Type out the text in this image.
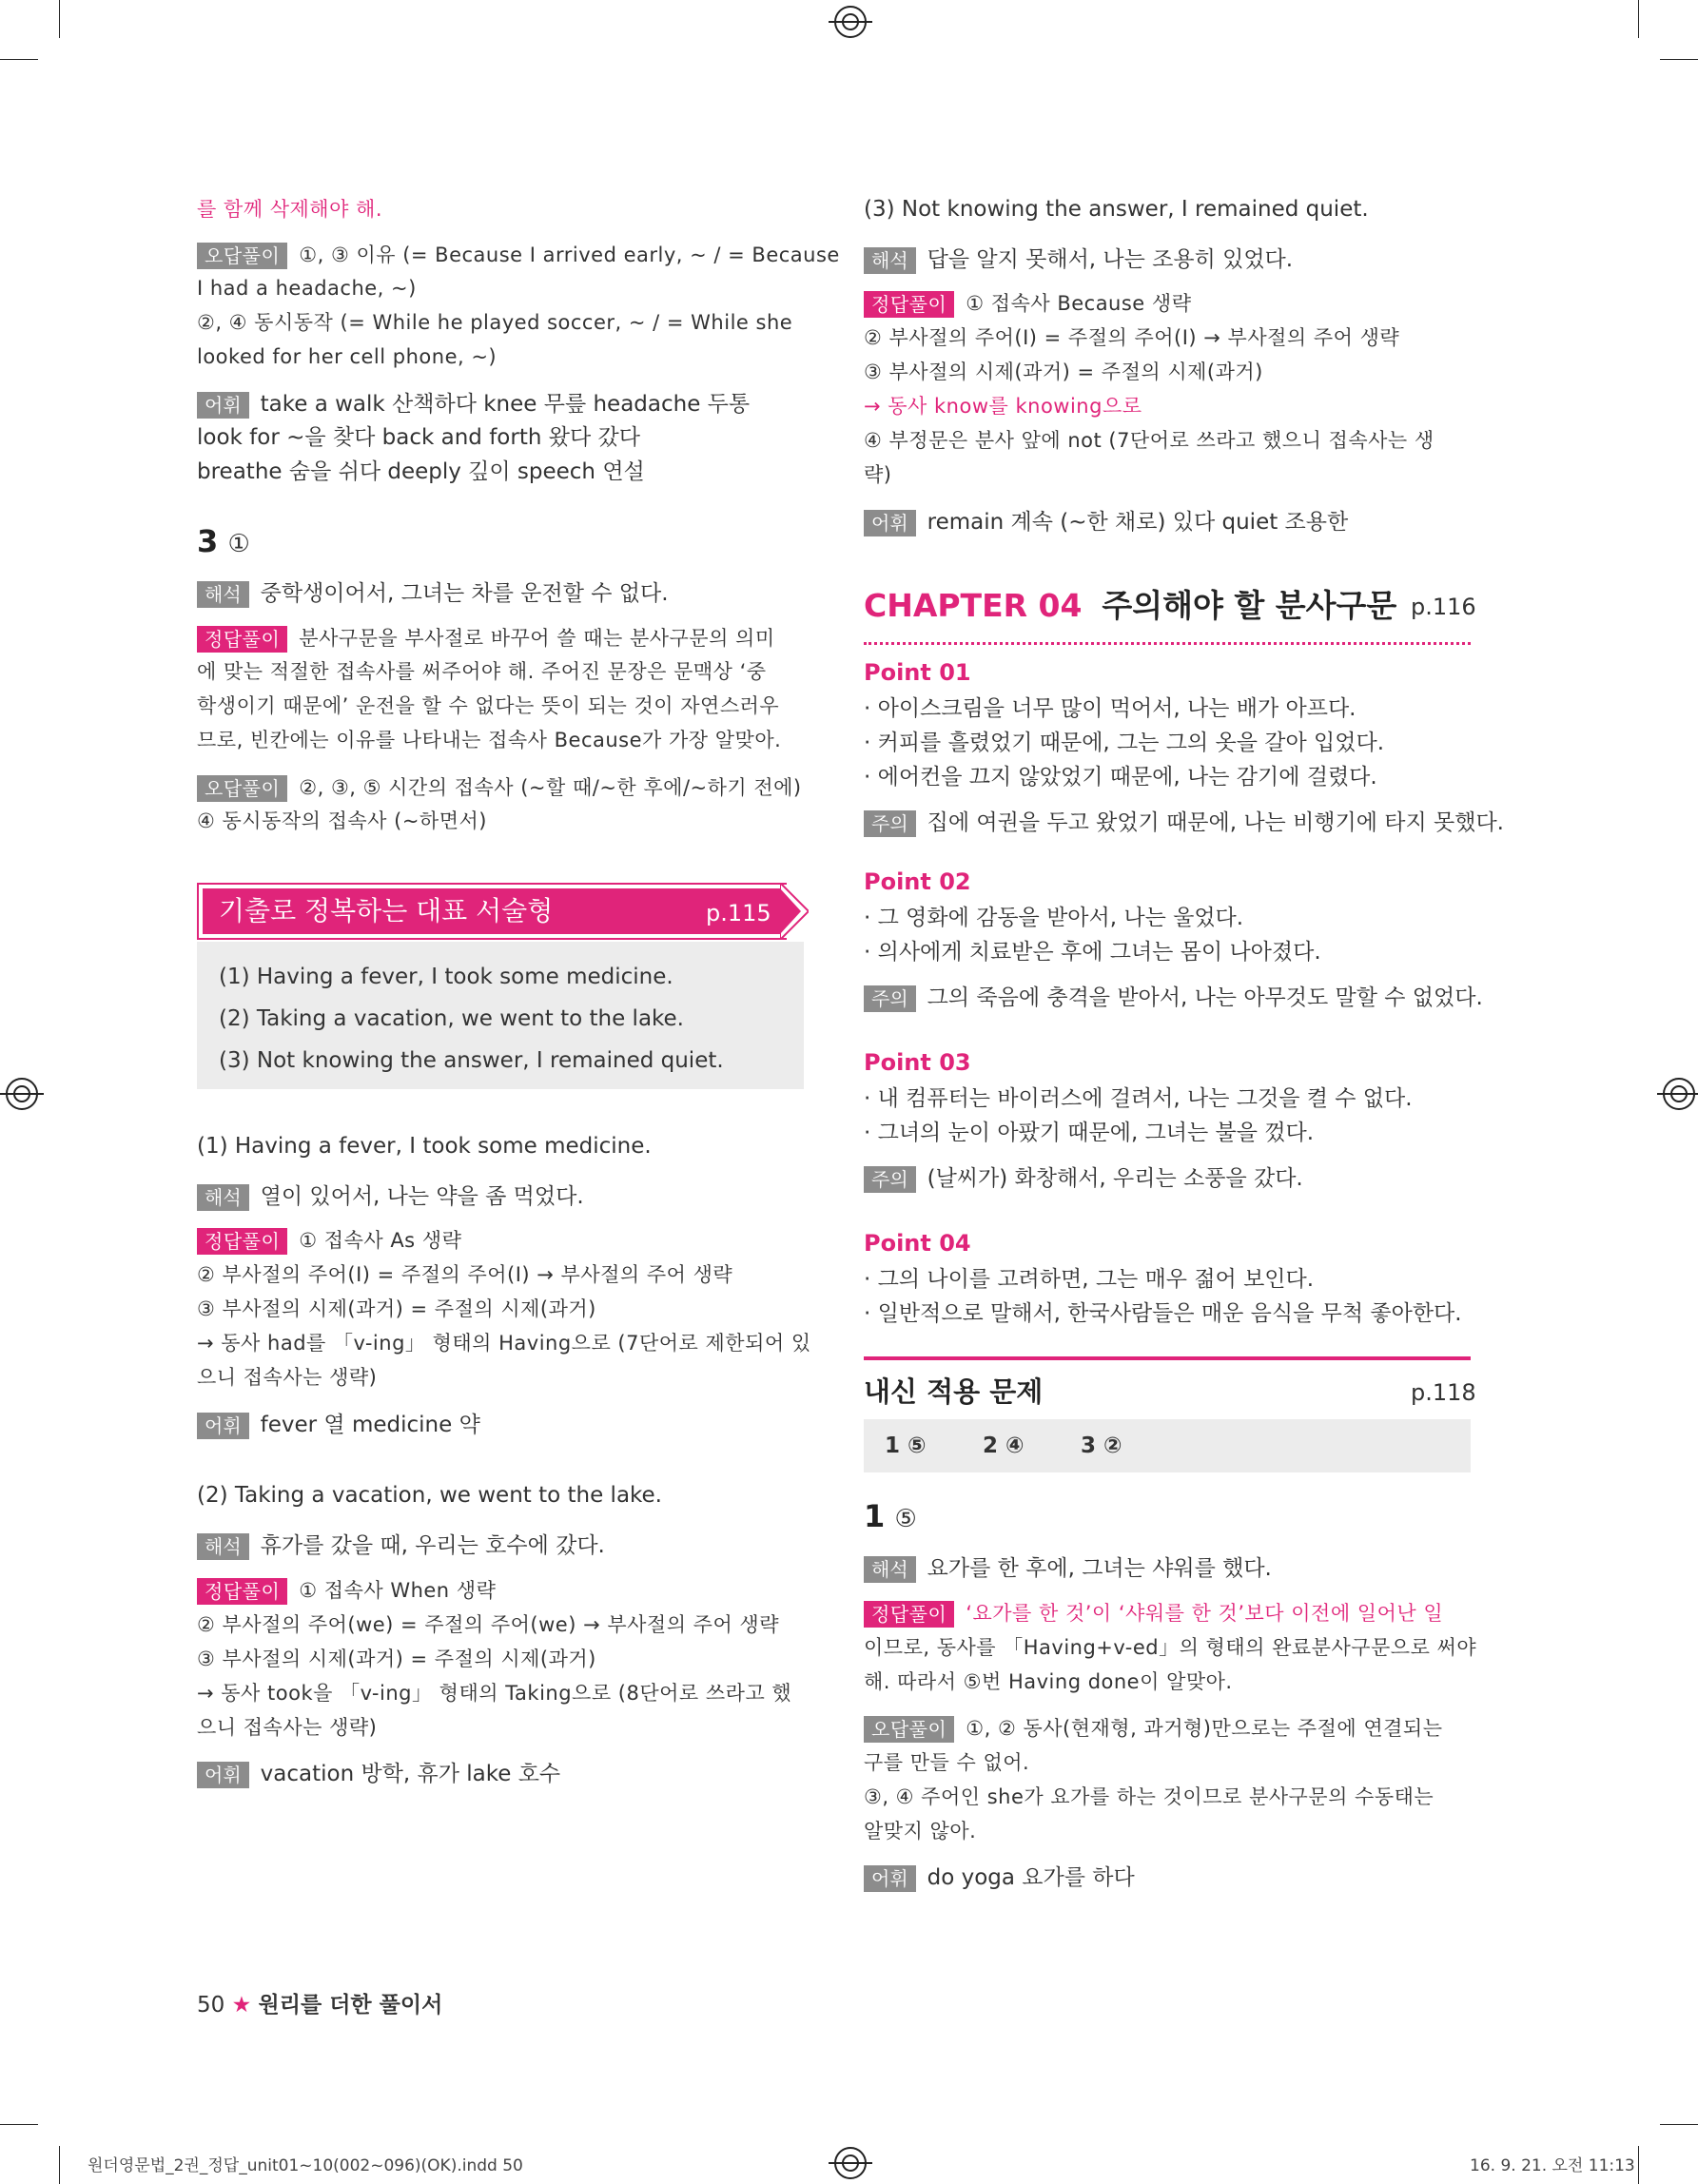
를 함께 삭제해야 해.
오답풀이 ①, ③ 이유 (= Because I arrived early, ~ / = Because
I had a headache, ~)
②, ④ 동시동작 (= While he played soccer, ~ / = While she
looked for her cell phone, ~)
어휘 take a walk 산책하다 knee 무릎 headache 두통
look for ~을 찾다 back and forth 왔다 갔다
breathe 숨을 쉬다 deeply 깊이 speech 연설
3 ①
해석 중학생이어서, 그녀는 차를 운전할 수 없다.
정답풀이 분사구문을 부사절로 바꾸어 쓸 때는 분사구문의 의미
에 맞는 적절한 접속사를 써주어야 해. 주어진 문장은 문맥상 ‘중
학생이기 때문에’ 운전을 할 수 없다는 뜻이 되는 것이 자연스러우
므로, 빈칸에는 이유를 나타내는 접속사 Because가 가장 알맞아.
오답풀이 ②, ③, ⑤ 시간의 접속사 (~할 때/~한 후에/~하기 전에)
④ 동시동작의 접속사 (~하면서)
기출로 정복하는 대표 서술형	p.115
(1) Having a fever, I took some medicine.
(2) Taking a vacation, we went to the lake.
(3) Not knowing the answer, I remained quiet.
(1) Having a fever, I took some medicine.
해석 열이 있어서, 나는 약을 좀 먹었다.
정답풀이 ① 접속사 As 생략
② 부사절의 주어(I) = 주절의 주어(I) → 부사절의 주어 생략
③ 부사절의 시제(과거) = 주절의 시제(과거)
→ 동사 had를 「v-ing」 형태의 Having으로 (7단어로 제한되어 있
으니 접속사는 생략)
어휘 fever 열 medicine 약
(2) Taking a vacation, we went to the lake.
해석 휴가를 갔을 때, 우리는 호수에 갔다.
정답풀이 ① 접속사 When 생략
② 부사절의 주어(we) = 주절의 주어(we) → 부사절의 주어 생략
③ 부사절의 시제(과거) = 주절의 시제(과거)
→ 동사 took을 「v-ing」 형태의 Taking으로 (8단어로 쓰라고 했
으니 접속사는 생략)
어휘 vacation 방학, 휴가 lake 호수
50 ★ 원리를 더한 풀이서
(3) Not knowing the answer, I remained quiet.
해석 답을 알지 못해서, 나는 조용히 있었다.
정답풀이 ① 접속사 Because 생략
② 부사절의 주어(I) = 주절의 주어(I) → 부사절의 주어 생략
③ 부사절의 시제(과거) = 주절의 시제(과거)
→ 동사 know를 knowing으로
④ 부정문은 분사 앞에 not (7단어로 쓰라고 했으니 접속사는 생
략)
어휘 remain 계속 (~한 채로) 있다 quiet 조용한
CHAPTER 04 주의해야 할 분사구문 p.116
Point 01
· 아이스크림을 너무 많이 먹어서, 나는 배가 아프다.
· 커피를 흘렸었기 때문에, 그는 그의 옷을 갈아 입었다.
· 에어컨을 끄지 않았었기 때문에, 나는 감기에 걸렸다.
주의 집에 여권을 두고 왔었기 때문에, 나는 비행기에 타지 못했다.
Point 02
· 그 영화에 감동을 받아서, 나는 울었다.
· 의사에게 치료받은 후에 그녀는 몸이 나아졌다.
주의 그의 죽음에 충격을 받아서, 나는 아무것도 말할 수 없었다.
Point 03
· 내 컴퓨터는 바이러스에 걸려서, 나는 그것을 켤 수 없다.
· 그녀의 눈이 아팠기 때문에, 그녀는 불을 껐다.
주의 (날씨가) 화창해서, 우리는 소풍을 갔다.
Point 04
· 그의 나이를 고려하면, 그는 매우 젊어 보인다.
· 일반적으로 말해서, 한국사람들은 매운 음식을 무척 좋아한다.
내신 적용 문제	p.118
1 ⑤	2 ④	3 ②
1 ⑤
해석 요가를 한 후에, 그녀는 샤워를 했다.
정답풀이 ‘요가를 한 것’이 ‘샤워를 한 것’보다 이전에 일어난 일
이므로, 동사를 「Having+v-ed」의 형태의 완료분사구문으로 써야
해. 따라서 ⑤번 Having done이 알맞아.
오답풀이 ①, ② 동사(현재형, 과거형)만으로는 주절에 연결되는
구를 만들 수 없어.
③, ④ 주어인 she가 요가를 하는 것이므로 분사구문의 수동태는
알맞지 않아.
어휘 do yoga 요가를 하다
원더영문법_2권_정답_unit01~10(002~096)(OK).indd 50	16. 9. 21. 오전 11:13
